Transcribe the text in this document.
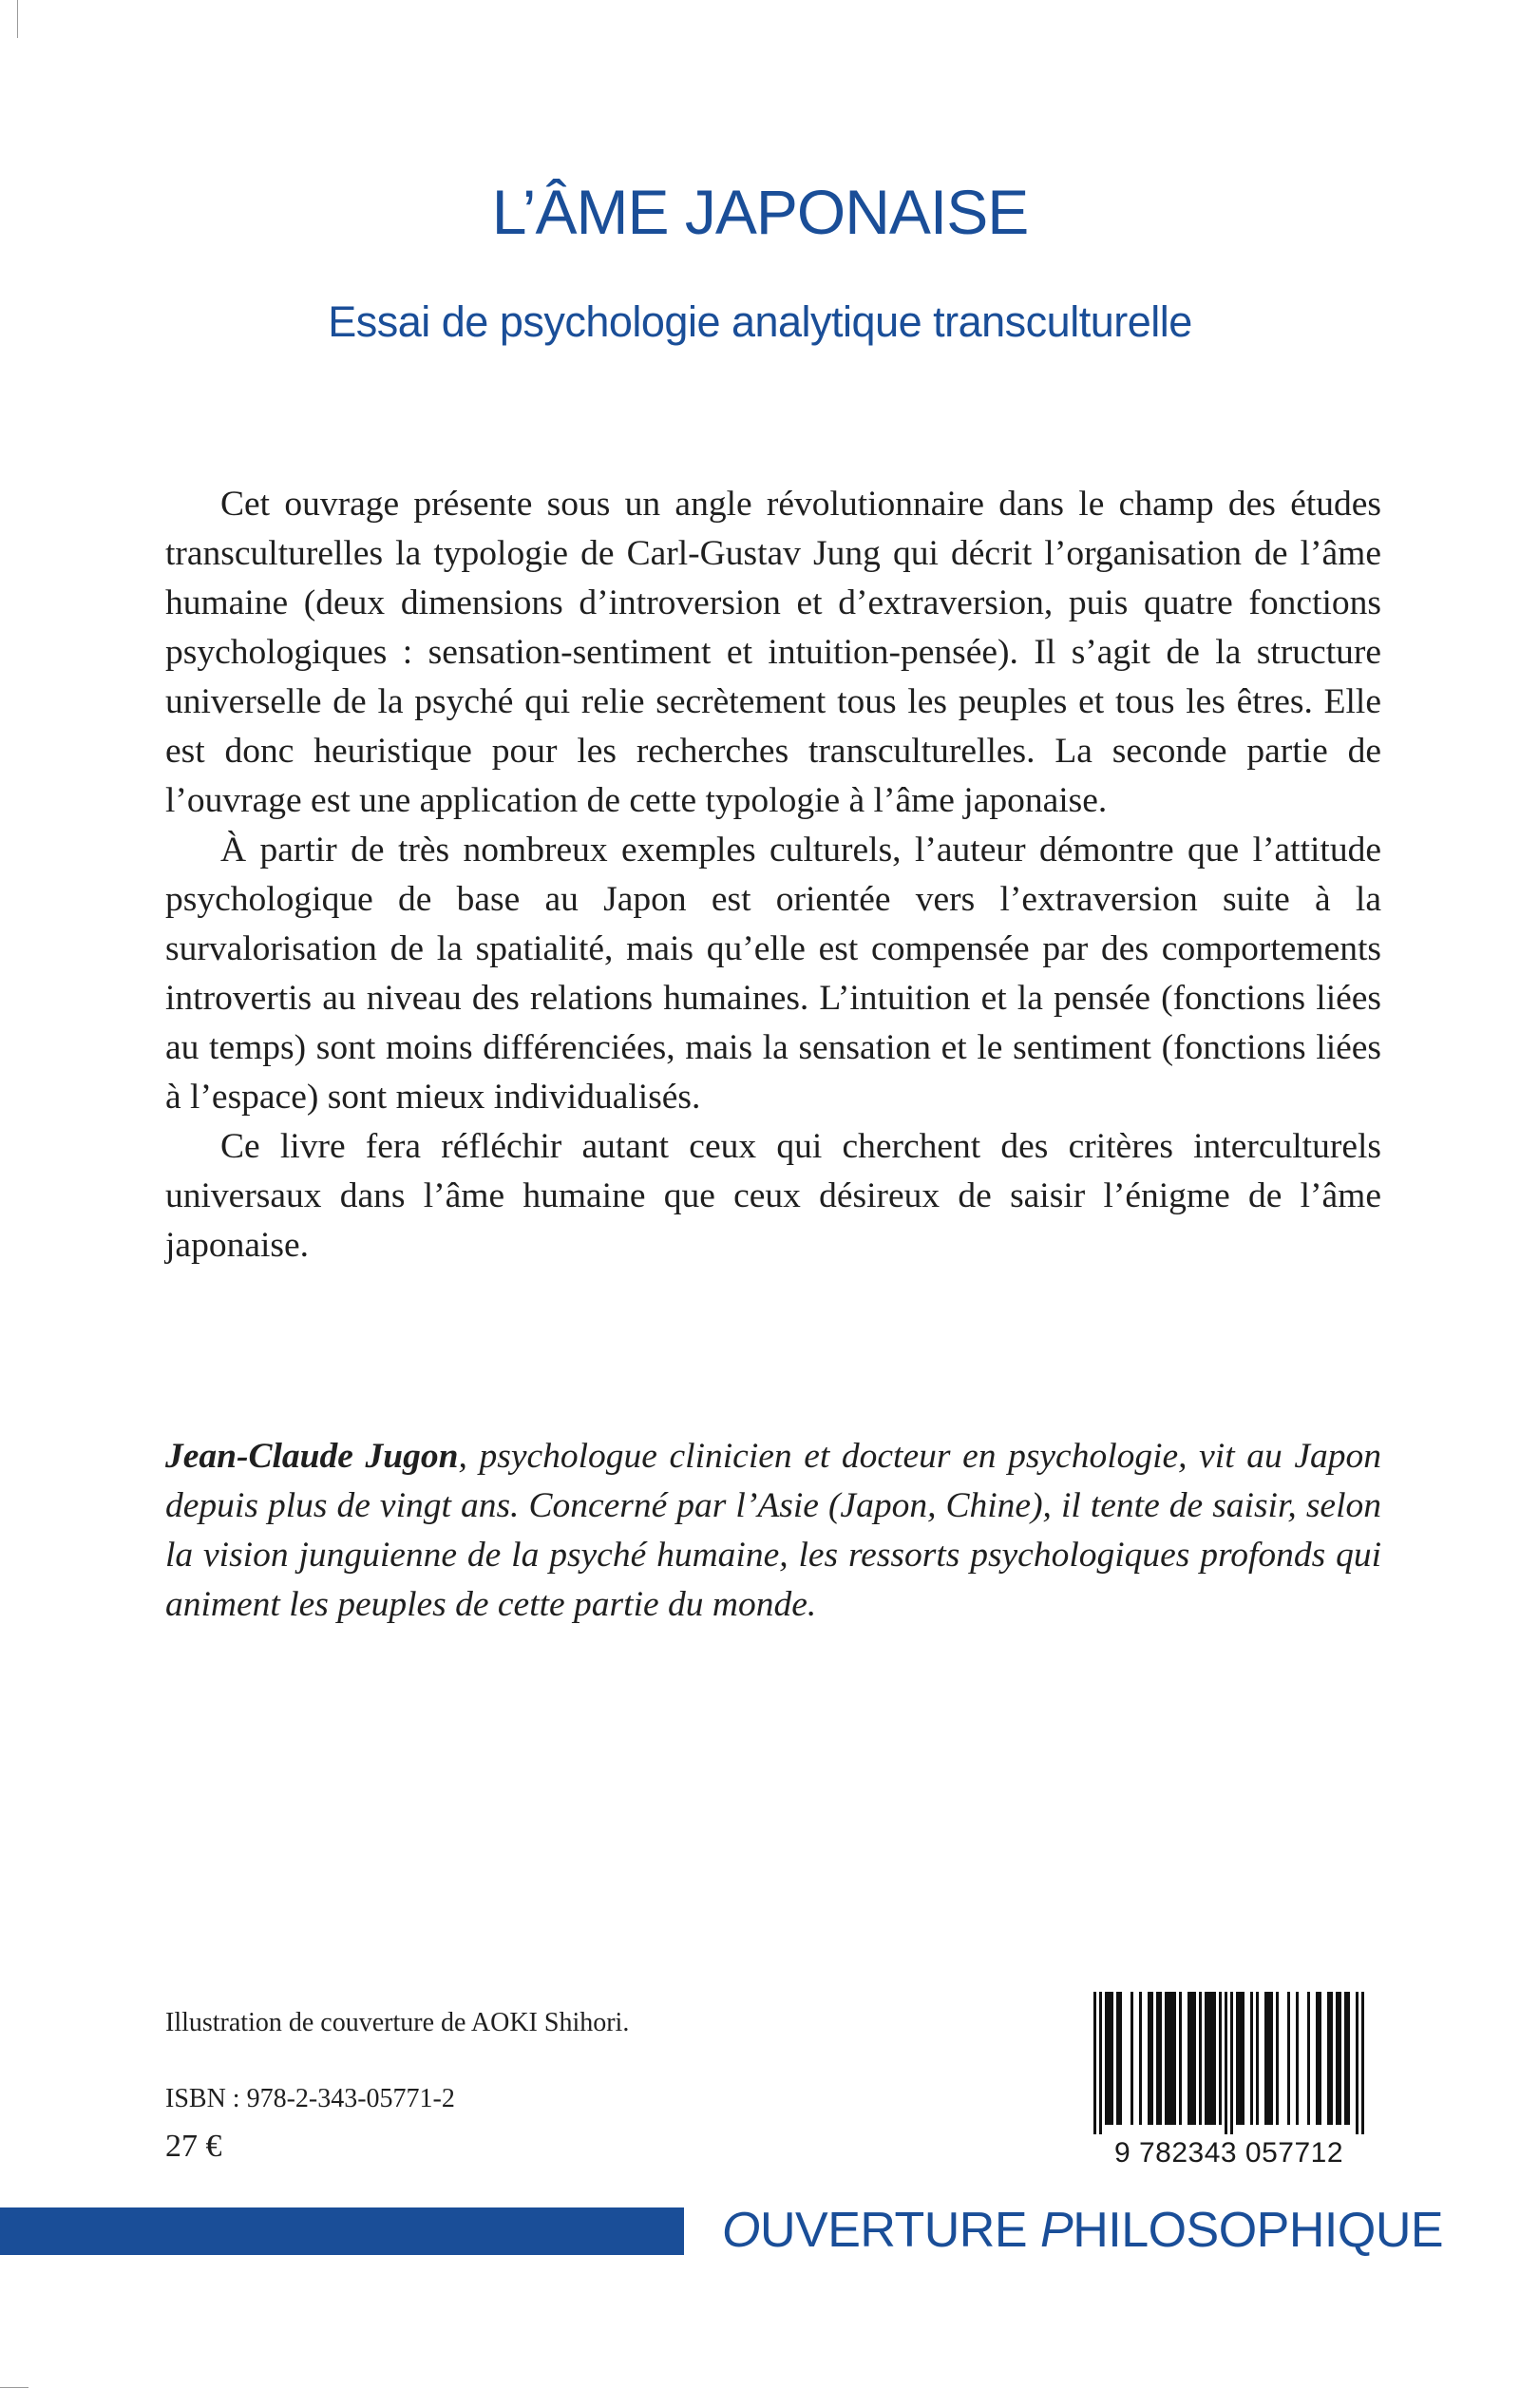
L’ÂME JAPONAISE
Essai de psychologie analytique transculturelle

Cet ouvrage présente sous un angle révolutionnaire dans le champ des études transculturelles la typologie de Carl-Gustav Jung qui décrit l’organisation de l’âme humaine (deux dimensions d’introversion et d’extraversion, puis quatre fonctions psychologiques : sensation-sentiment et intuition-pensée). Il s’agit de la structure universelle de la psyché qui relie secrètement tous les peuples et tous les êtres. Elle est donc heuristique pour les recherches transculturelles. La seconde partie de l’ouvrage est une application de cette typologie à l’âme japonaise.

À partir de très nombreux exemples culturels, l’auteur démontre que l’attitude psychologique de base au Japon est orientée vers l’extraversion suite à la survalorisation de la spatialité, mais qu’elle est compensée par des comportements introvertis au niveau des relations humaines. L’intuition et la pensée (fonctions liées au temps) sont moins différenciées, mais la sensation et le sentiment (fonctions liées à l’espace) sont mieux individualisés.

Ce livre fera réfléchir autant ceux qui cherchent des critères interculturels universaux dans l’âme humaine que ceux désireux de saisir l’énigme de l’âme japonaise.

Jean-Claude Jugon, psychologue clinicien et docteur en psychologie, vit au Japon depuis plus de vingt ans. Concerné par l’Asie (Japon, Chine), il tente de saisir, selon la vision junguienne de la psyché humaine, les ressorts psychologiques profonds qui animent les peuples de cette partie du monde.
Illustration de couverture de AOKI Shihori.
ISBN : 978-2-343-05771-2
27 €	9 782343 057712
OUVERTURE PHILOSOPHIQUE
